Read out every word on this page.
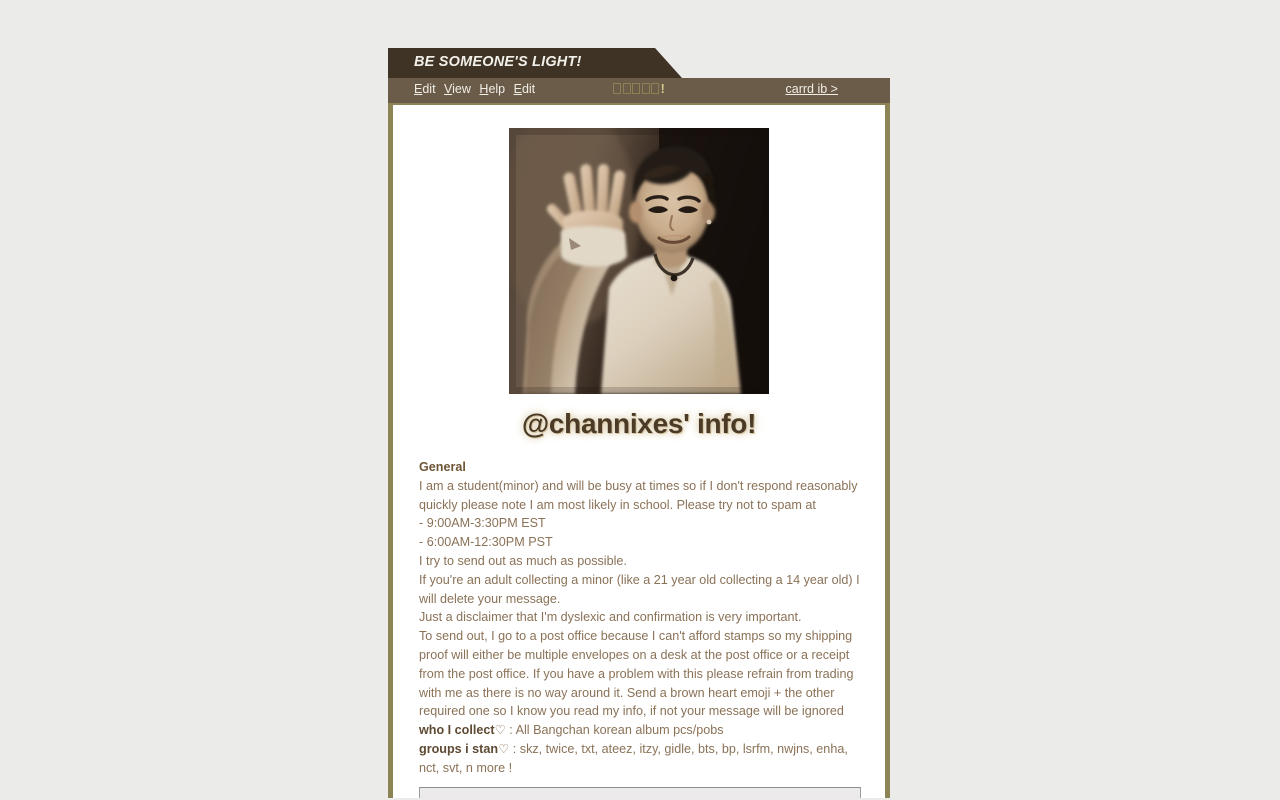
BE SOMEONE'S LIGHT!
Edit View Help Edit	!	carrd ib >
@channixes' info!
General
I am a student(minor) and will be busy at times so if I don't respond reasonably quickly please note I am most likely in school. Please try not to spam at
- 9:00AM-3:30PM EST
- 6:00AM-12:30PM PST
I try to send out as much as possible.
If you're an adult collecting a minor (like a 21 year old collecting a 14 year old) I will delete your message.
Just a disclaimer that I'm dyslexic and confirmation is very important.
To send out, I go to a post office because I can't afford stamps so my shipping proof will either be multiple envelopes on a desk at the post office or a receipt from the post office. If you have a problem with this please refrain from trading with me as there is no way around it. Send a brown heart emoji + the other required one so I know you read my info, if not your message will be ignored
who I collect♡ : All Bangchan korean album pcs/pobs
groups i stan♡ : skz, twice, txt, ateez, itzy, gidle, bts, bp, lsrfm, nwjns, enha, nct, svt, n more !
